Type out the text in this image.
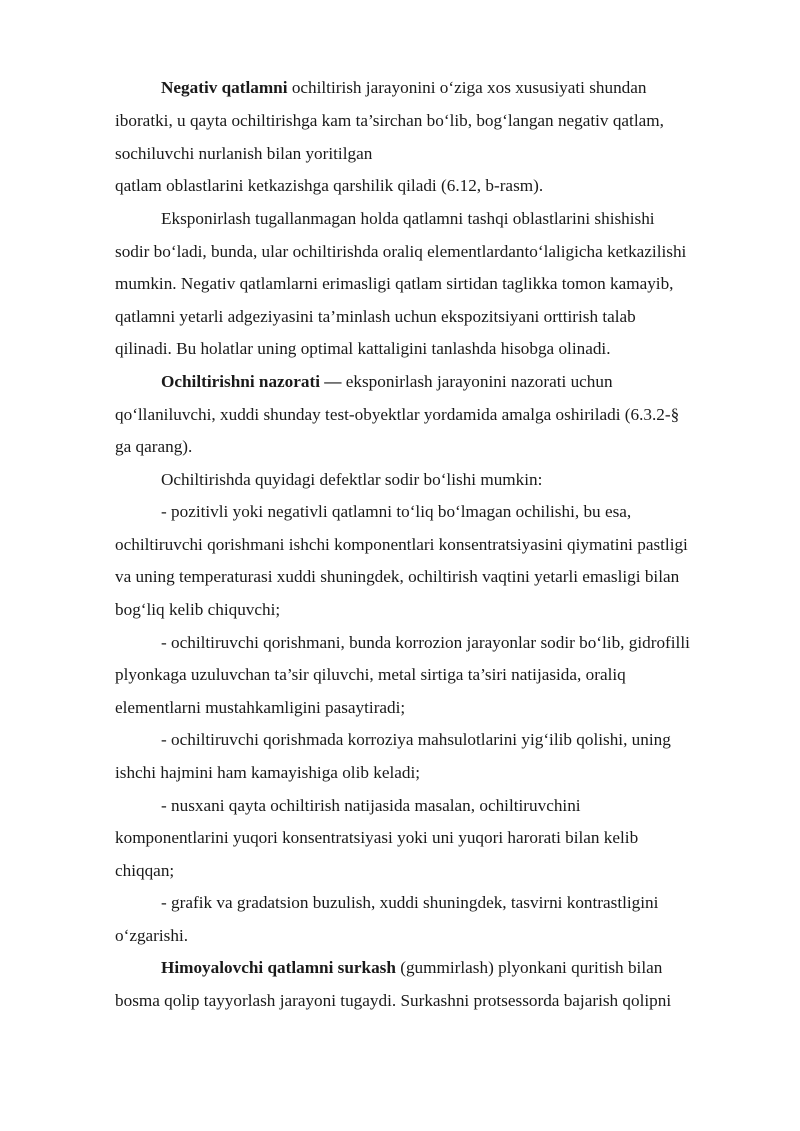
Negativ qatlamni ochiltirish jarayonini o‘ziga xos xususiyati shundan
iboratki, u qayta ochiltirishga kam ta’sirchan bo‘lib, bog‘langan negativ qatlam,
sochiluvchi nurlanish bilan yoritilgan
qatlam oblastlarini ketkazishga qarshilik qiladi (6.12, b-rasm).
Eksponirlash tugallanmagan holda qatlamni tashqi oblastlarini shishishi
sodir bo‘ladi, bunda, ular ochiltirishda oraliq elementlardanto‘laligicha ketkazilishi
mumkin. Negativ qatlamlarni erimasligi qatlam sirtidan taglikka tomon kamayib,
qatlamni yetarli adgeziyasini ta’minlash uchun ekspozitsiyani orttirish talab
qilinadi. Bu holatlar uning optimal kattaligini tanlashda hisobga olinadi.
Ochiltirishni nazorati — eksponirlash jarayonini nazorati uchun
qo‘llaniluvchi, xuddi shunday test-obyektlar yordamida amalga oshiriladi (6.3.2-§
ga qarang).
Ochiltirishda quyidagi defektlar sodir bo‘lishi mumkin:
- pozitivli yoki negativli qatlamni to‘liq bo‘lmagan ochilishi, bu esa,
ochiltiruvchi qorishmani ishchi komponentlari konsentratsiyasini qiymatini pastligi
va uning temperaturasi xuddi shuningdek, ochiltirish vaqtini yetarli emasligi bilan
bog‘liq kelib chiquvchi;
- ochiltiruvchi qorishmani, bunda korrozion jarayonlar sodir bo‘lib, gidrofilli
plyonkaga uzuluvchan ta’sir qiluvchi, metal sirtiga ta’siri natijasida, oraliq
elementlarni mustahkamligini pasaytiradi;
- ochiltiruvchi qorishmada korroziya mahsulotlarini yig‘ilib qolishi, uning
ishchi hajmini ham kamayishiga olib keladi;
- nusxani qayta ochiltirish natijasida masalan, ochiltiruvchini
komponentlarini yuqori konsentratsiyasi yoki uni yuqori harorati bilan kelib
chiqqan;
- grafik va gradatsion buzulish, xuddi shuningdek, tasvirni kontrastligini
o‘zgarishi.
Himoyalovchi qatlamni surkash (gummirlash) plyonkani quritish bilan
bosma qolip tayyorlash jarayoni tugaydi. Surkashni protsessorda bajarish qolipni
